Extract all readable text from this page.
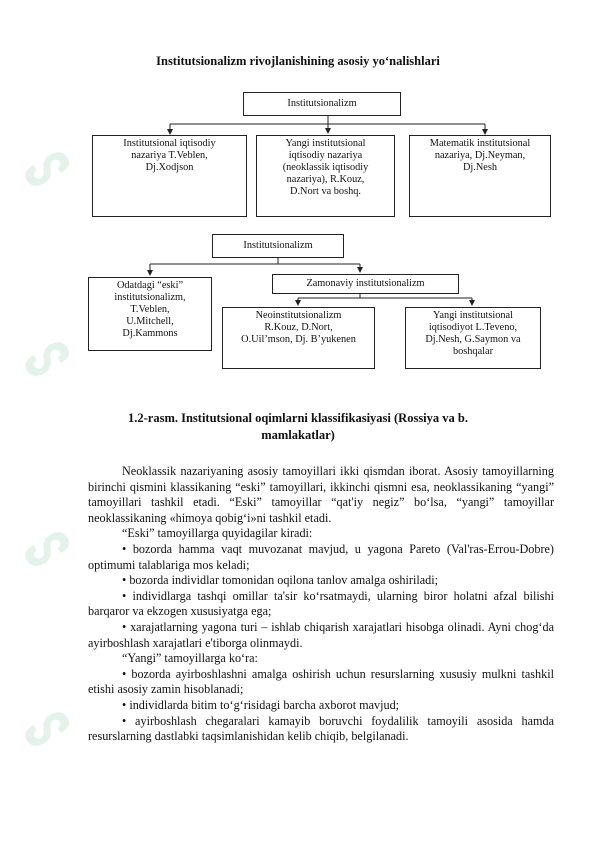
ᔕ
ᔕ
ᔕ
ᔕ
Institutsionalizm rivojlanishining asosiy yo‘nalishlari
Institutsionalizm
Institutsional iqtisodiy
nazariya T.Veblen,
Dj.Xodjson
Yangi institutsional
iqtisodiy nazariya
(neoklassik iqtisodiy
nazariya), R.Kouz,
D.Nort va boshq.
Matematik institutsional
nazariya, Dj.Neyman,
Dj.Nesh
Institutsionalizm
Odatdagi “eski”
institutsionalizm,
T.Veblen,
U.Mitchell,
Dj.Kammons
Zamonaviy institutsionalizm
Neoinstitutsionalizm
R.Kouz, D.Nort,
O.Uil’mson, Dj. B’yukenen
Yangi institutsional
iqtisodiyot L.Teveno,
Dj.Nesh, G.Saymon va
boshqalar
1.2-rasm. Institutsional oqimlarni klassifikasiyasi (Rossiya va b.
mamlakatlar)

Neoklassik nazariyaning asosiy tamoyillari ikki qismdan iborat. Asosiy tamoyillarning birinchi qismini klassikaning “eski” tamoyillari, ikkinchi qismni esa, neoklassikaning “yangi” tamoyillari tashkil etadi. “Eski” tamoyillar “qat'iy negiz” bo‘lsa, “yangi” tamoyillar neoklassikaning «himoya qobig‘i»ni tashkil etadi.

“Eski” tamoyillarga quyidagilar kiradi:

• bozorda hamma vaqt muvozanat mavjud, u yagona Pareto (Val'ras-Errou-Dobre) optimumi talablariga mos keladi;

• bozorda individlar tomonidan oqilona tanlov amalga oshiriladi;

• individlarga tashqi omillar ta'sir ko‘rsatmaydi, ularning biror holatni afzal bilishi barqaror va ekzogen xususiyatga ega;

• xarajatlarning yagona turi – ishlab chiqarish xarajatlari hisobga olinadi. Ayni chog‘da ayirboshlash xarajatlari e'tiborga olinmaydi.

“Yangi” tamoyillarga ko‘ra:

• bozorda ayirboshlashni amalga oshirish uchun resurslarning xususiy mulkni tashkil etishi asosiy zamin hisoblanadi;

• individlarda bitim to‘g‘risidagi barcha axborot mavjud;

• ayirboshlash chegaralari kamayib boruvchi foydalilik tamoyili asosida hamda resurslarning dastlabki taqsimlanishidan kelib chiqib, belgilanadi.
